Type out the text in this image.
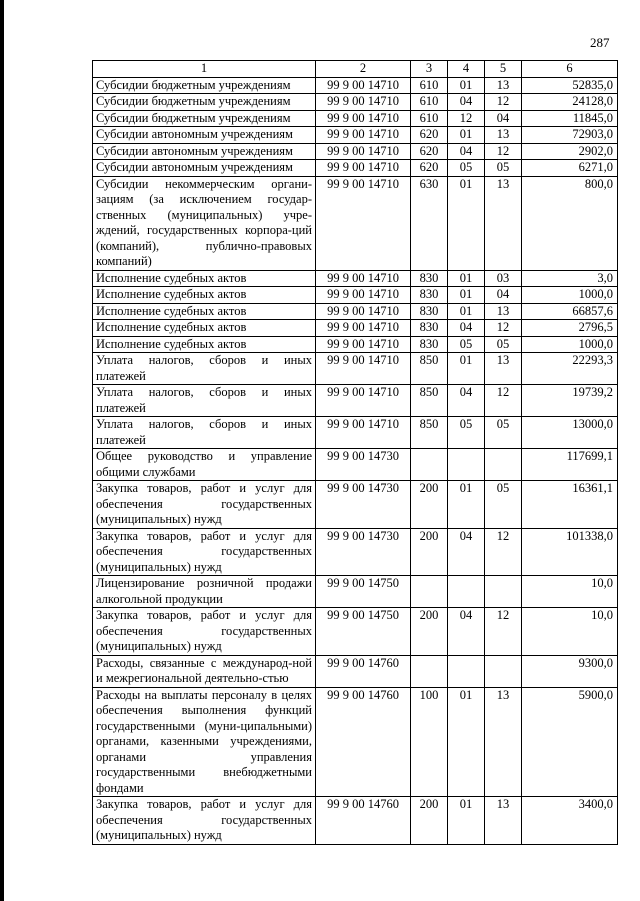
287
1	2	3	4	5	6
Субсидии бюджетным учреждениям	99 9 00 14710	610	01	13	52835,0
Субсидии бюджетным учреждениям	99 9 00 14710	610	04	12	24128,0
Субсидии бюджетным учреждениям	99 9 00 14710	610	12	04	11845,0
Субсидии автономным учреждениям	99 9 00 14710	620	01	13	72903,0
Субсидии автономным учреждениям	99 9 00 14710	620	04	12	2902,0
Субсидии автономным учреждениям	99 9 00 14710	620	05	05	6271,0
Субсидии некоммерческим органи-зациям (за исключением государ-ственных (муниципальных) учре-ждений, государственных корпора-ций (компаний), публично-правовых компаний)	99 9 00 14710	630	01	13	800,0
Исполнение судебных актов	99 9 00 14710	830	01	03	3,0
Исполнение судебных актов	99 9 00 14710	830	01	04	1000,0
Исполнение судебных актов	99 9 00 14710	830	01	13	66857,6
Исполнение судебных актов	99 9 00 14710	830	04	12	2796,5
Исполнение судебных актов	99 9 00 14710	830	05	05	1000,0
Уплата налогов, сборов и иных платежей	99 9 00 14710	850	01	13	22293,3
Уплата налогов, сборов и иных платежей	99 9 00 14710	850	04	12	19739,2
Уплата налогов, сборов и иных платежей	99 9 00 14710	850	05	05	13000,0
Общее руководство и управление общими службами	99 9 00 14730				117699,1
Закупка товаров, работ и услуг для обеспечения государственных (муниципальных) нужд	99 9 00 14730	200	01	05	16361,1
Закупка товаров, работ и услуг для обеспечения государственных (муниципальных) нужд	99 9 00 14730	200	04	12	101338,0
Лицензирование розничной продажи алкогольной продукции	99 9 00 14750				10,0
Закупка товаров, работ и услуг для обеспечения государственных (муниципальных) нужд	99 9 00 14750	200	04	12	10,0
Расходы, связанные с международ-ной и межрегиональной деятельно-стью	99 9 00 14760				9300,0
Расходы на выплаты персоналу в целях обеспечения выполнения функций государственными (муни-ципальными) органами, казенными учреждениями, органами управления государственными внебюджетными фондами	99 9 00 14760	100	01	13	5900,0
Закупка товаров, работ и услуг для обеспечения государственных (муниципальных) нужд	99 9 00 14760	200	01	13	3400,0
